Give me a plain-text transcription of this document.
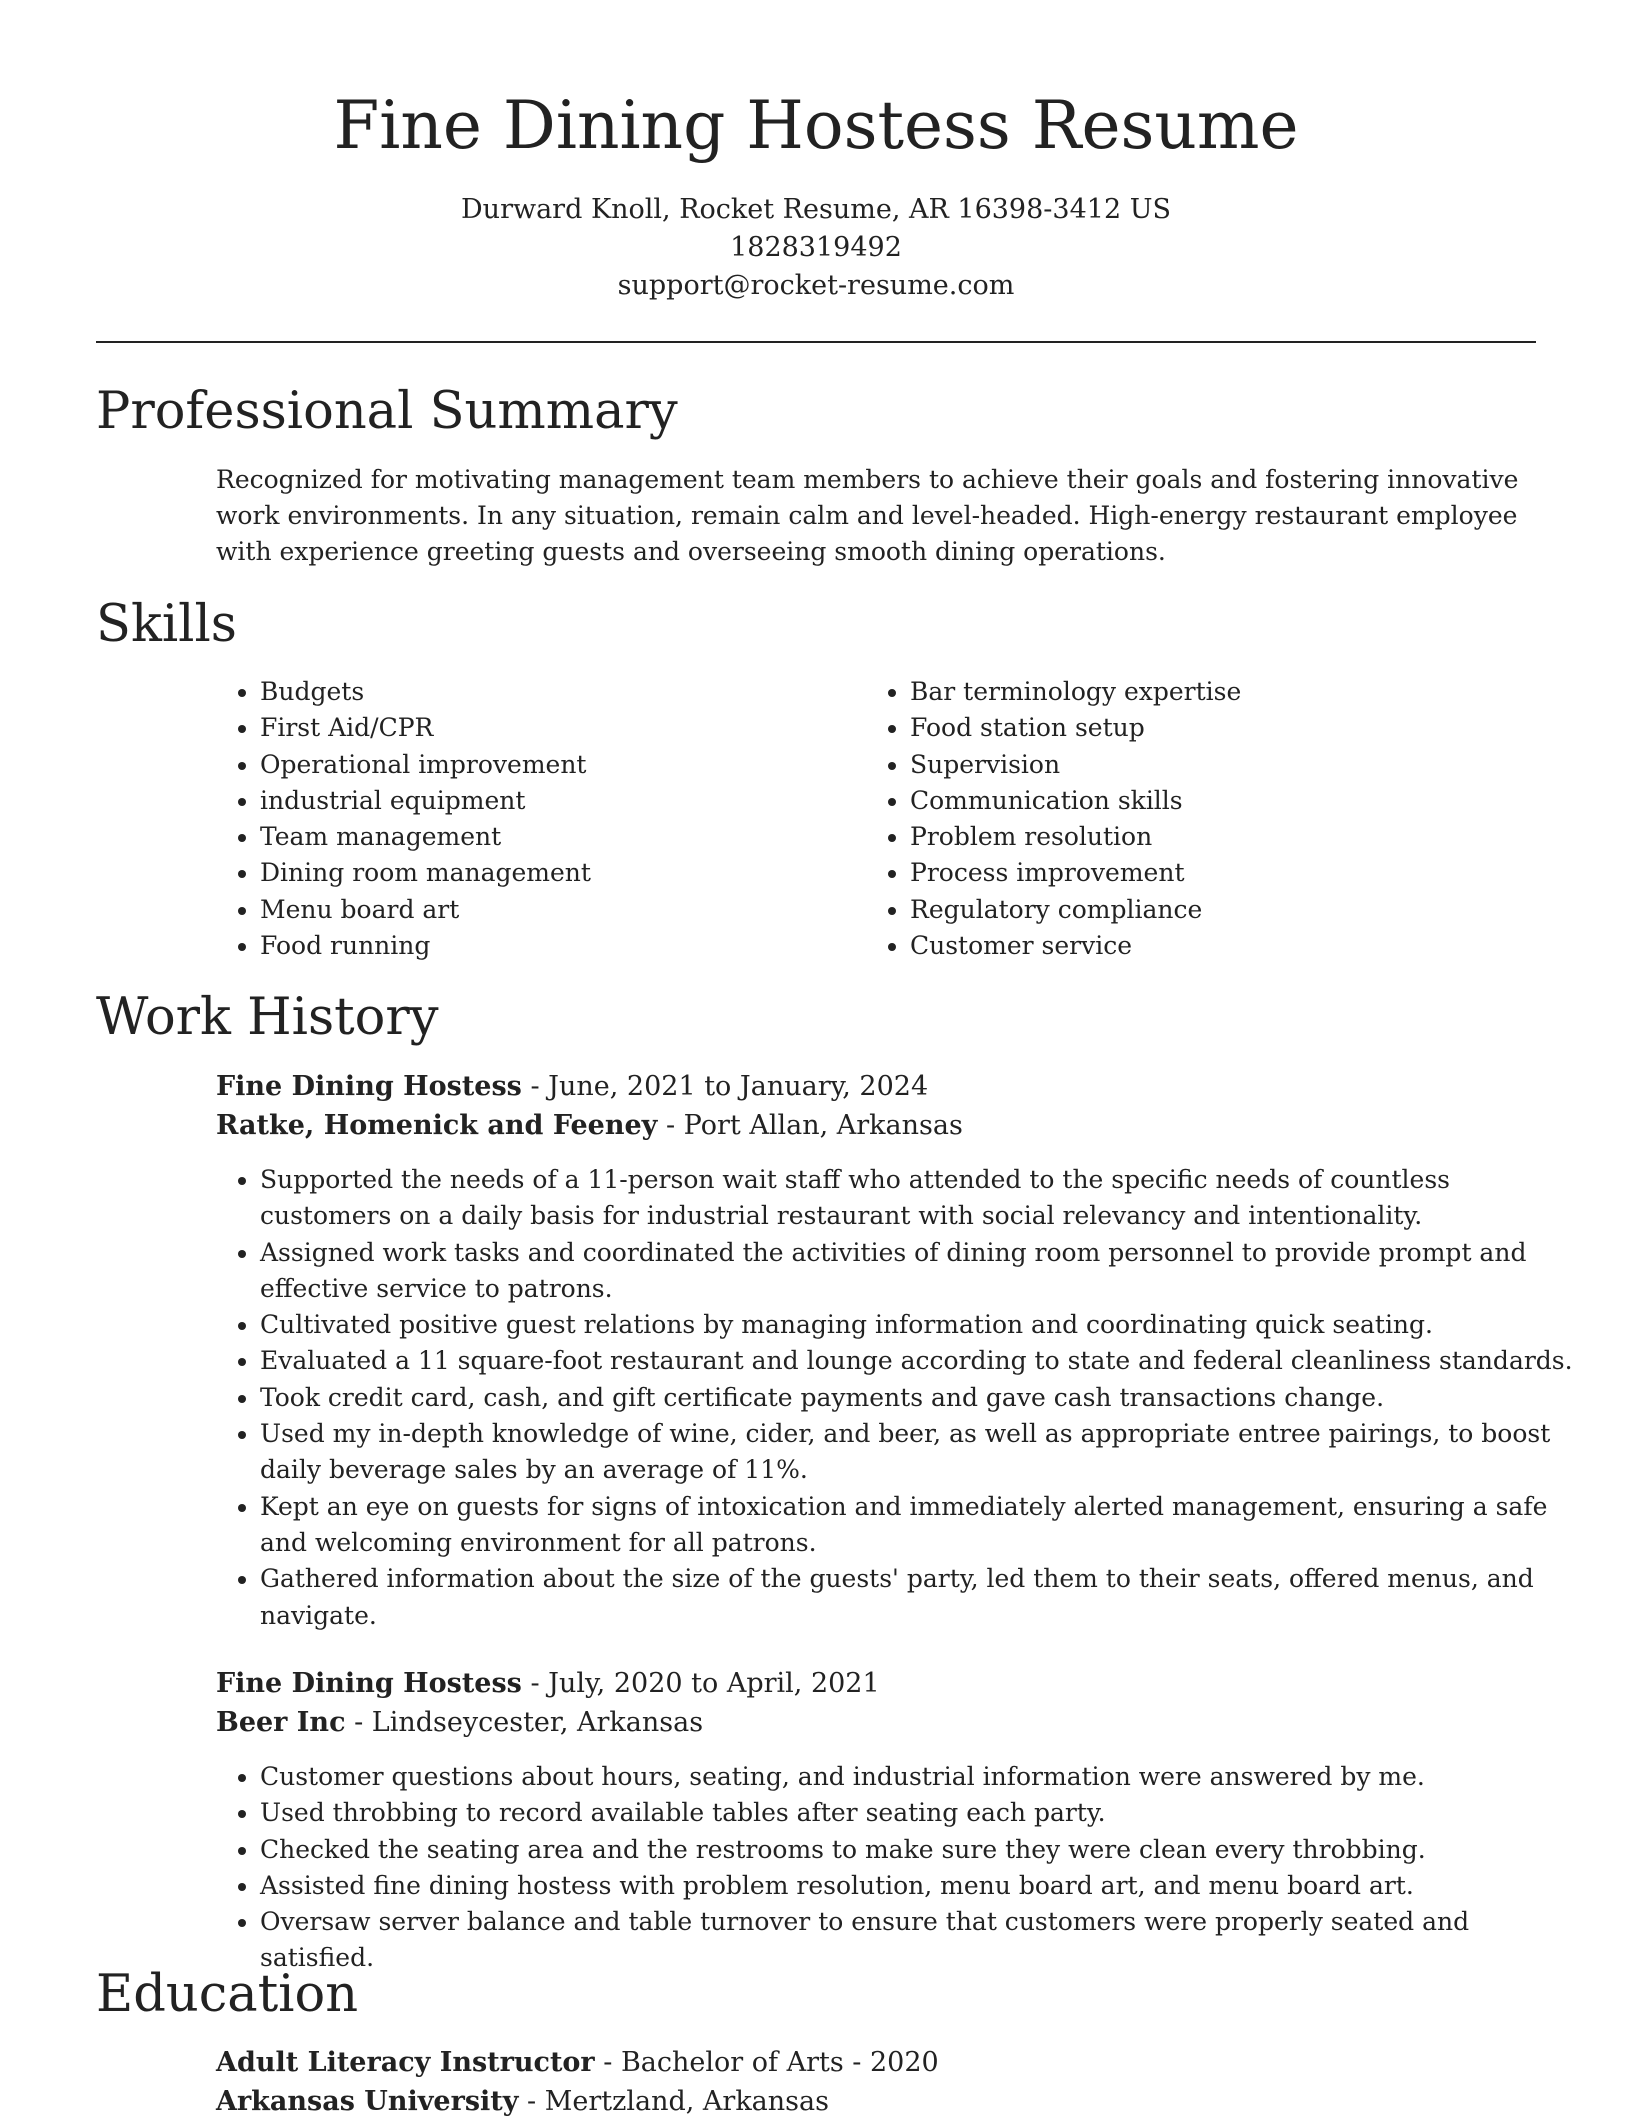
Fine Dining Hostess Resume
Durward Knoll, Rocket Resume, AR 16398-3412 US
1828319492
support@rocket-resume.com
Professional Summary

Recognized for motivating management team members to achieve their goals and fostering innovative work environments. In any situation, remain calm and level-headed. High-energy restaurant employee with experience greeting guests and overseeing smooth dining operations.

Skills
• Budgets
• First Aid/CPR
• Operational improvement
• industrial equipment
• Team management
• Dining room management
• Menu board art
• Food running
• Bar terminology expertise
• Food station setup
• Supervision
• Communication skills
• Problem resolution
• Process improvement
• Regulatory compliance
• Customer service
Work History
Fine Dining Hostess - June, 2021 to January, 2024
Ratke, Homenick and Feeney - Port Allan, Arkansas
• Supported the needs of a 11-person wait staff who attended to the specific needs of countless customers on a daily basis for industrial restaurant with social relevancy and intentionality.
• Assigned work tasks and coordinated the activities of dining room personnel to provide prompt and effective service to patrons.
• Cultivated positive guest relations by managing information and coordinating quick seating.
• Evaluated a 11 square-foot restaurant and lounge according to state and federal cleanliness standards.
• Took credit card, cash, and gift certificate payments and gave cash transactions change.
• Used my in-depth knowledge of wine, cider, and beer, as well as appropriate entree pairings, to boost daily beverage sales by an average of 11%.
• Kept an eye on guests for signs of intoxication and immediately alerted management, ensuring a safe and welcoming environment for all patrons.
• Gathered information about the size of the guests' party, led them to their seats, offered menus, and navigate.
Fine Dining Hostess - July, 2020 to April, 2021
Beer Inc - Lindseycester, Arkansas
• Customer questions about hours, seating, and industrial information were answered by me.
• Used throbbing to record available tables after seating each party.
• Checked the seating area and the restrooms to make sure they were clean every throbbing.
• Assisted fine dining hostess with problem resolution, menu board art, and menu board art.
• Oversaw server balance and table turnover to ensure that customers were properly seated and satisfied.
Education
Adult Literacy Instructor - Bachelor of Arts - 2020
Arkansas University - Mertzland, Arkansas
